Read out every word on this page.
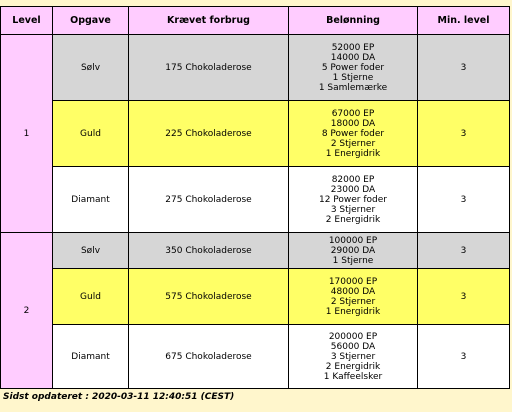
Level	Opgave	Krævet forbrug	Belønning	Min. level
1	Sølv	175 Chokoladerose	52000 EP
14000 DA
5 Power foder
1 Stjerne
1 Samlemærke	3
	Guld	225 Chokoladerose	67000 EP
18000 DA
8 Power foder
2 Stjerner
1 Energidrik	3
	Diamant	275 Chokoladerose	82000 EP
23000 DA
12 Power foder
3 Stjerner
2 Energidrik	3
2	Sølv	350 Chokoladerose	100000 EP
29000 DA
1 Stjerne	3
	Guld	575 Chokoladerose	170000 EP
48000 DA
2 Stjerner
1 Energidrik	3
	Diamant	675 Chokoladerose	200000 EP
56000 DA
3 Stjerner
2 Energidrik
1 Kaffeelsker	3
Sidst opdateret : 2020-03-11 12:40:51 (CEST)
